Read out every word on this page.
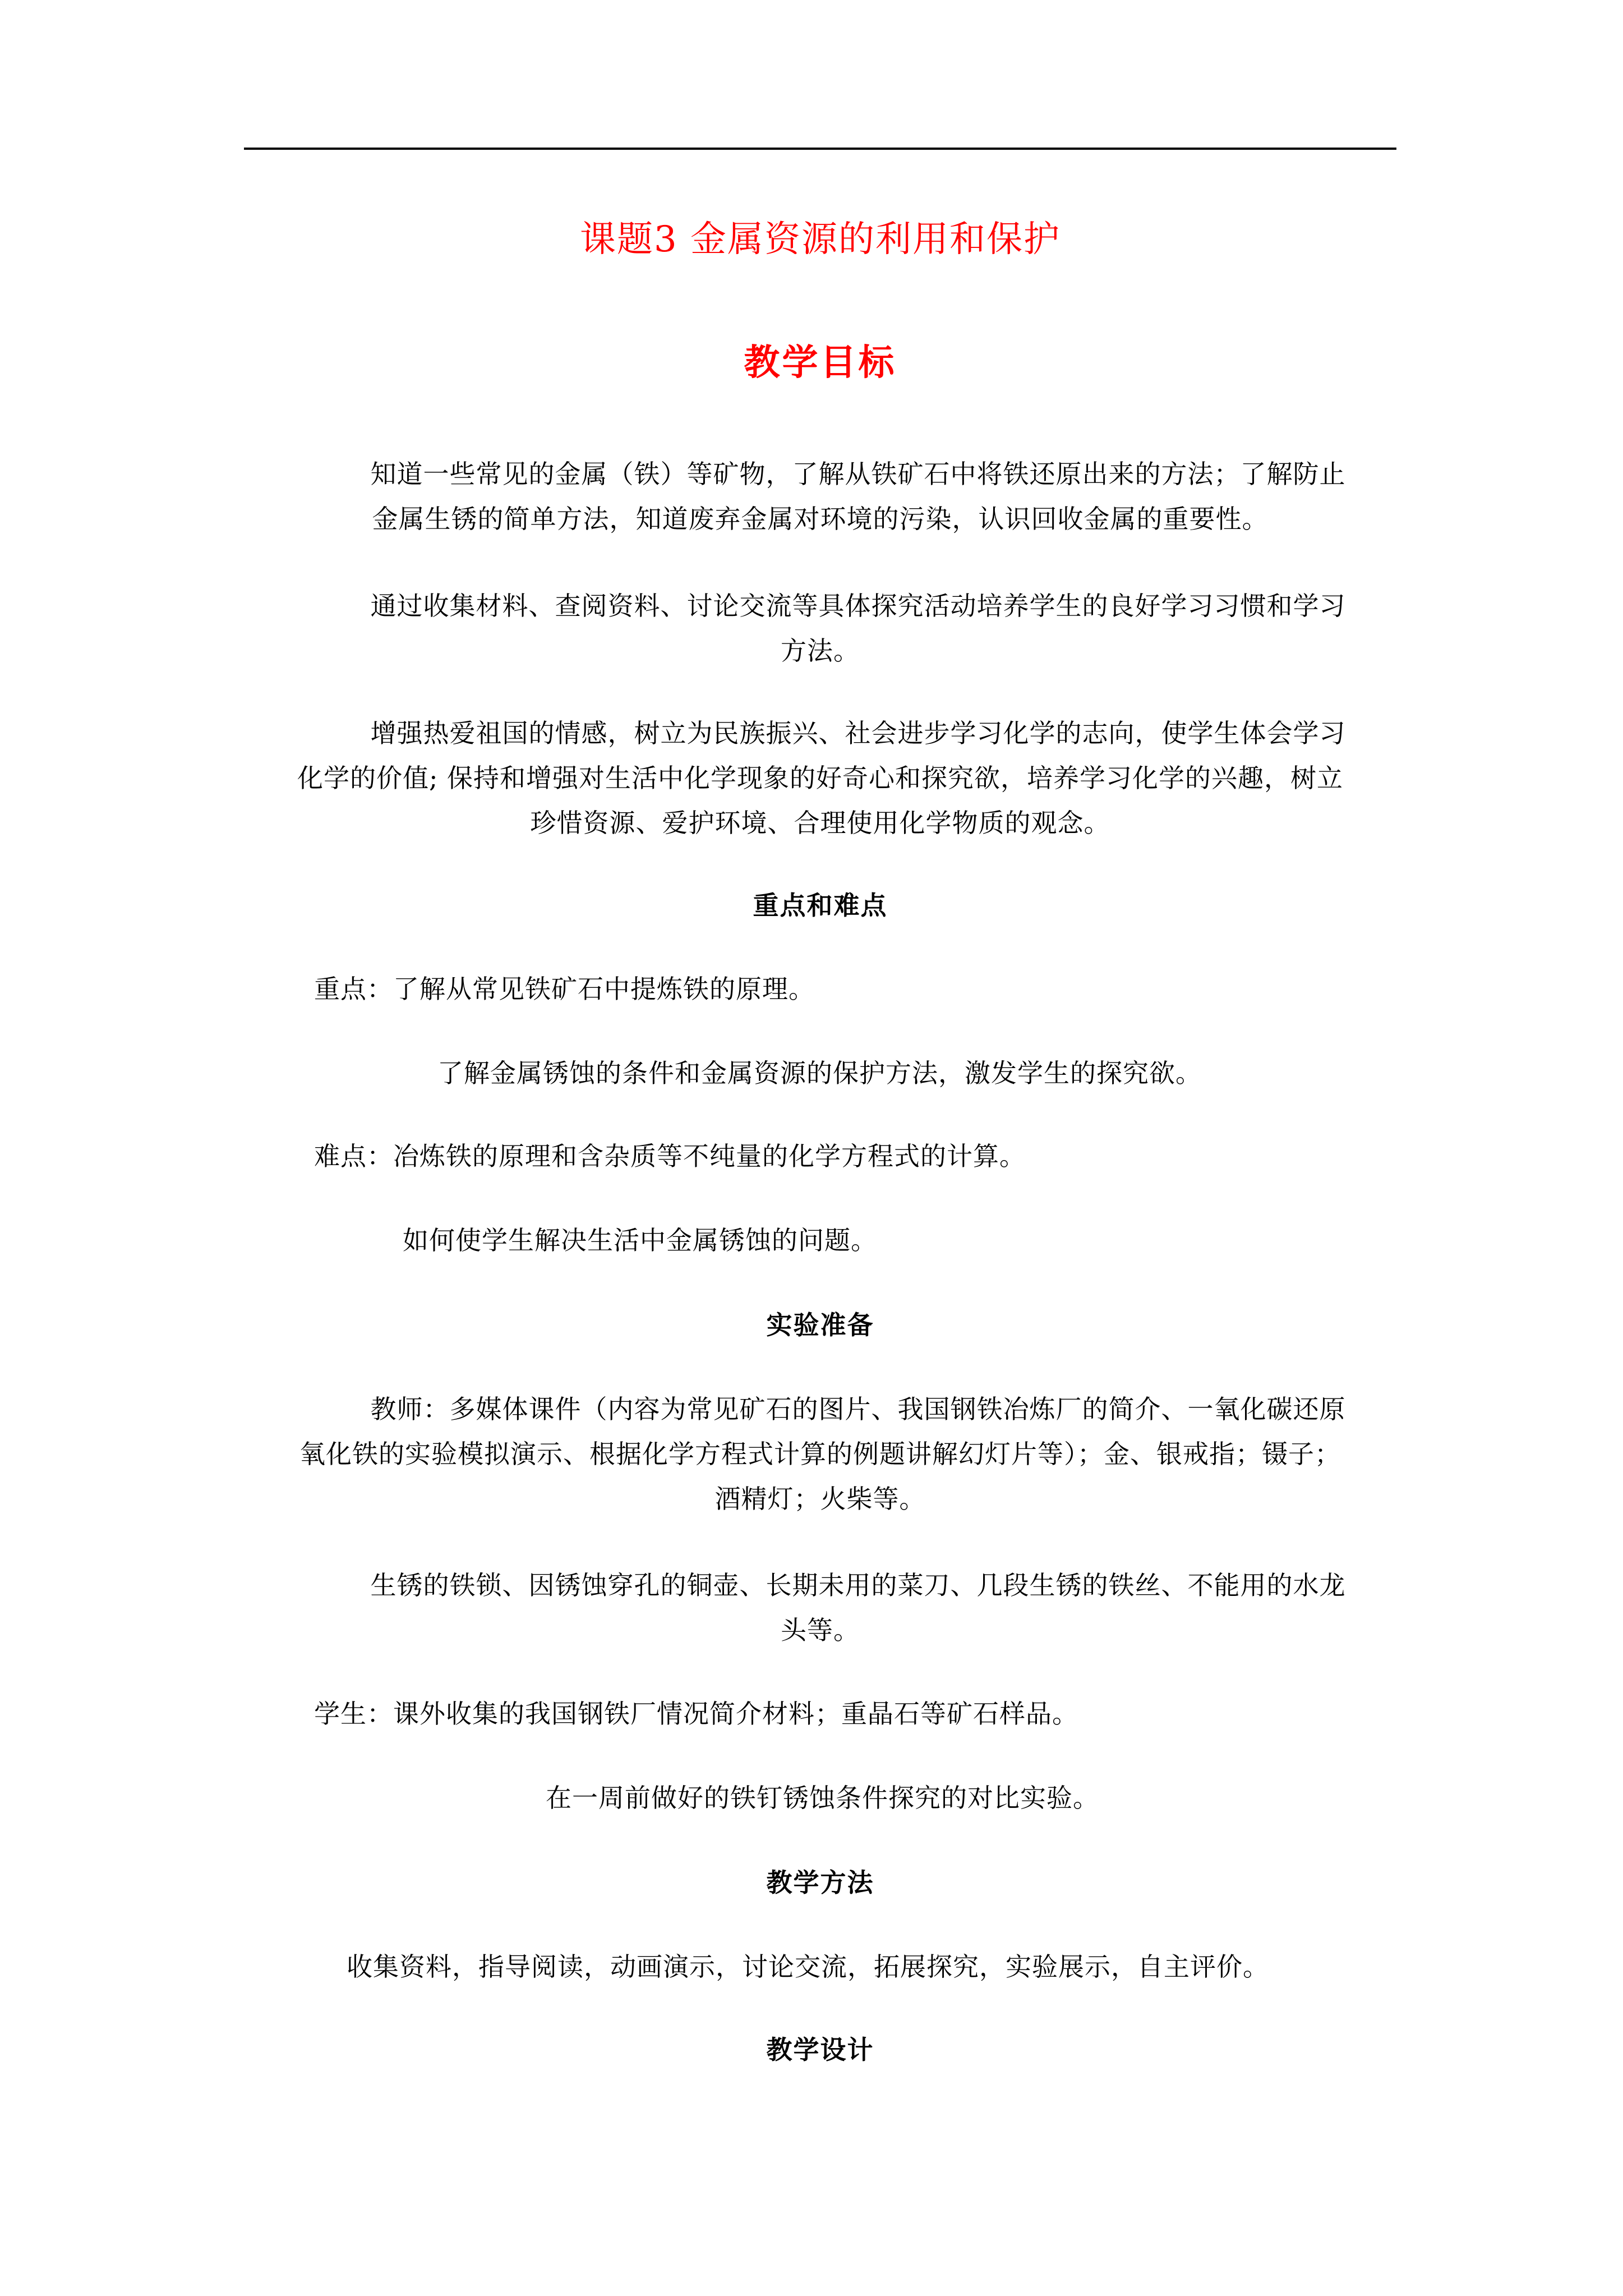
课题3 金属资源的利用和保护
教学目标

知道一些常见的金属（铁）等矿物，了解从铁矿石中将铁还原出来的方法；了解防止
金属生锈的简单方法，知道废弃金属对环境的污染，认识回收金属的重要性。

通过收集材料、查阅资料、讨论交流等具体探究活动培养学生的良好学习习惯和学习
方法。

增强热爱祖国的情感，树立为民族振兴、社会进步学习化学的志向，使学生体会学习
化学的价值; 保持和增强对生活中化学现象的好奇心和探究欲，培养学习化学的兴趣，树立
珍惜资源、爱护环境、合理使用化学物质的观念。

重点和难点

重点：了解从常见铁矿石中提炼铁的原理。

了解金属锈蚀的条件和金属资源的保护方法，激发学生的探究欲。

难点：冶炼铁的原理和含杂质等不纯量的化学方程式的计算。

如何使学生解决生活中金属锈蚀的问题。

实验准备

教师：多媒体课件（内容为常见矿石的图片、我国钢铁冶炼厂的简介、一氧化碳还原
氧化铁的实验模拟演示、根据化学方程式计算的例题讲解幻灯片等）；金、银戒指；镊子；
酒精灯；火柴等。

生锈的铁锁、因锈蚀穿孔的铜壶、长期未用的菜刀、几段生锈的铁丝、不能用的水龙
头等。

学生：课外收集的我国钢铁厂情况简介材料；重晶石等矿石样品。

在一周前做好的铁钉锈蚀条件探究的对比实验。

教学方法

收集资料，指导阅读，动画演示，讨论交流，拓展探究，实验展示，自主评价。

教学设计
